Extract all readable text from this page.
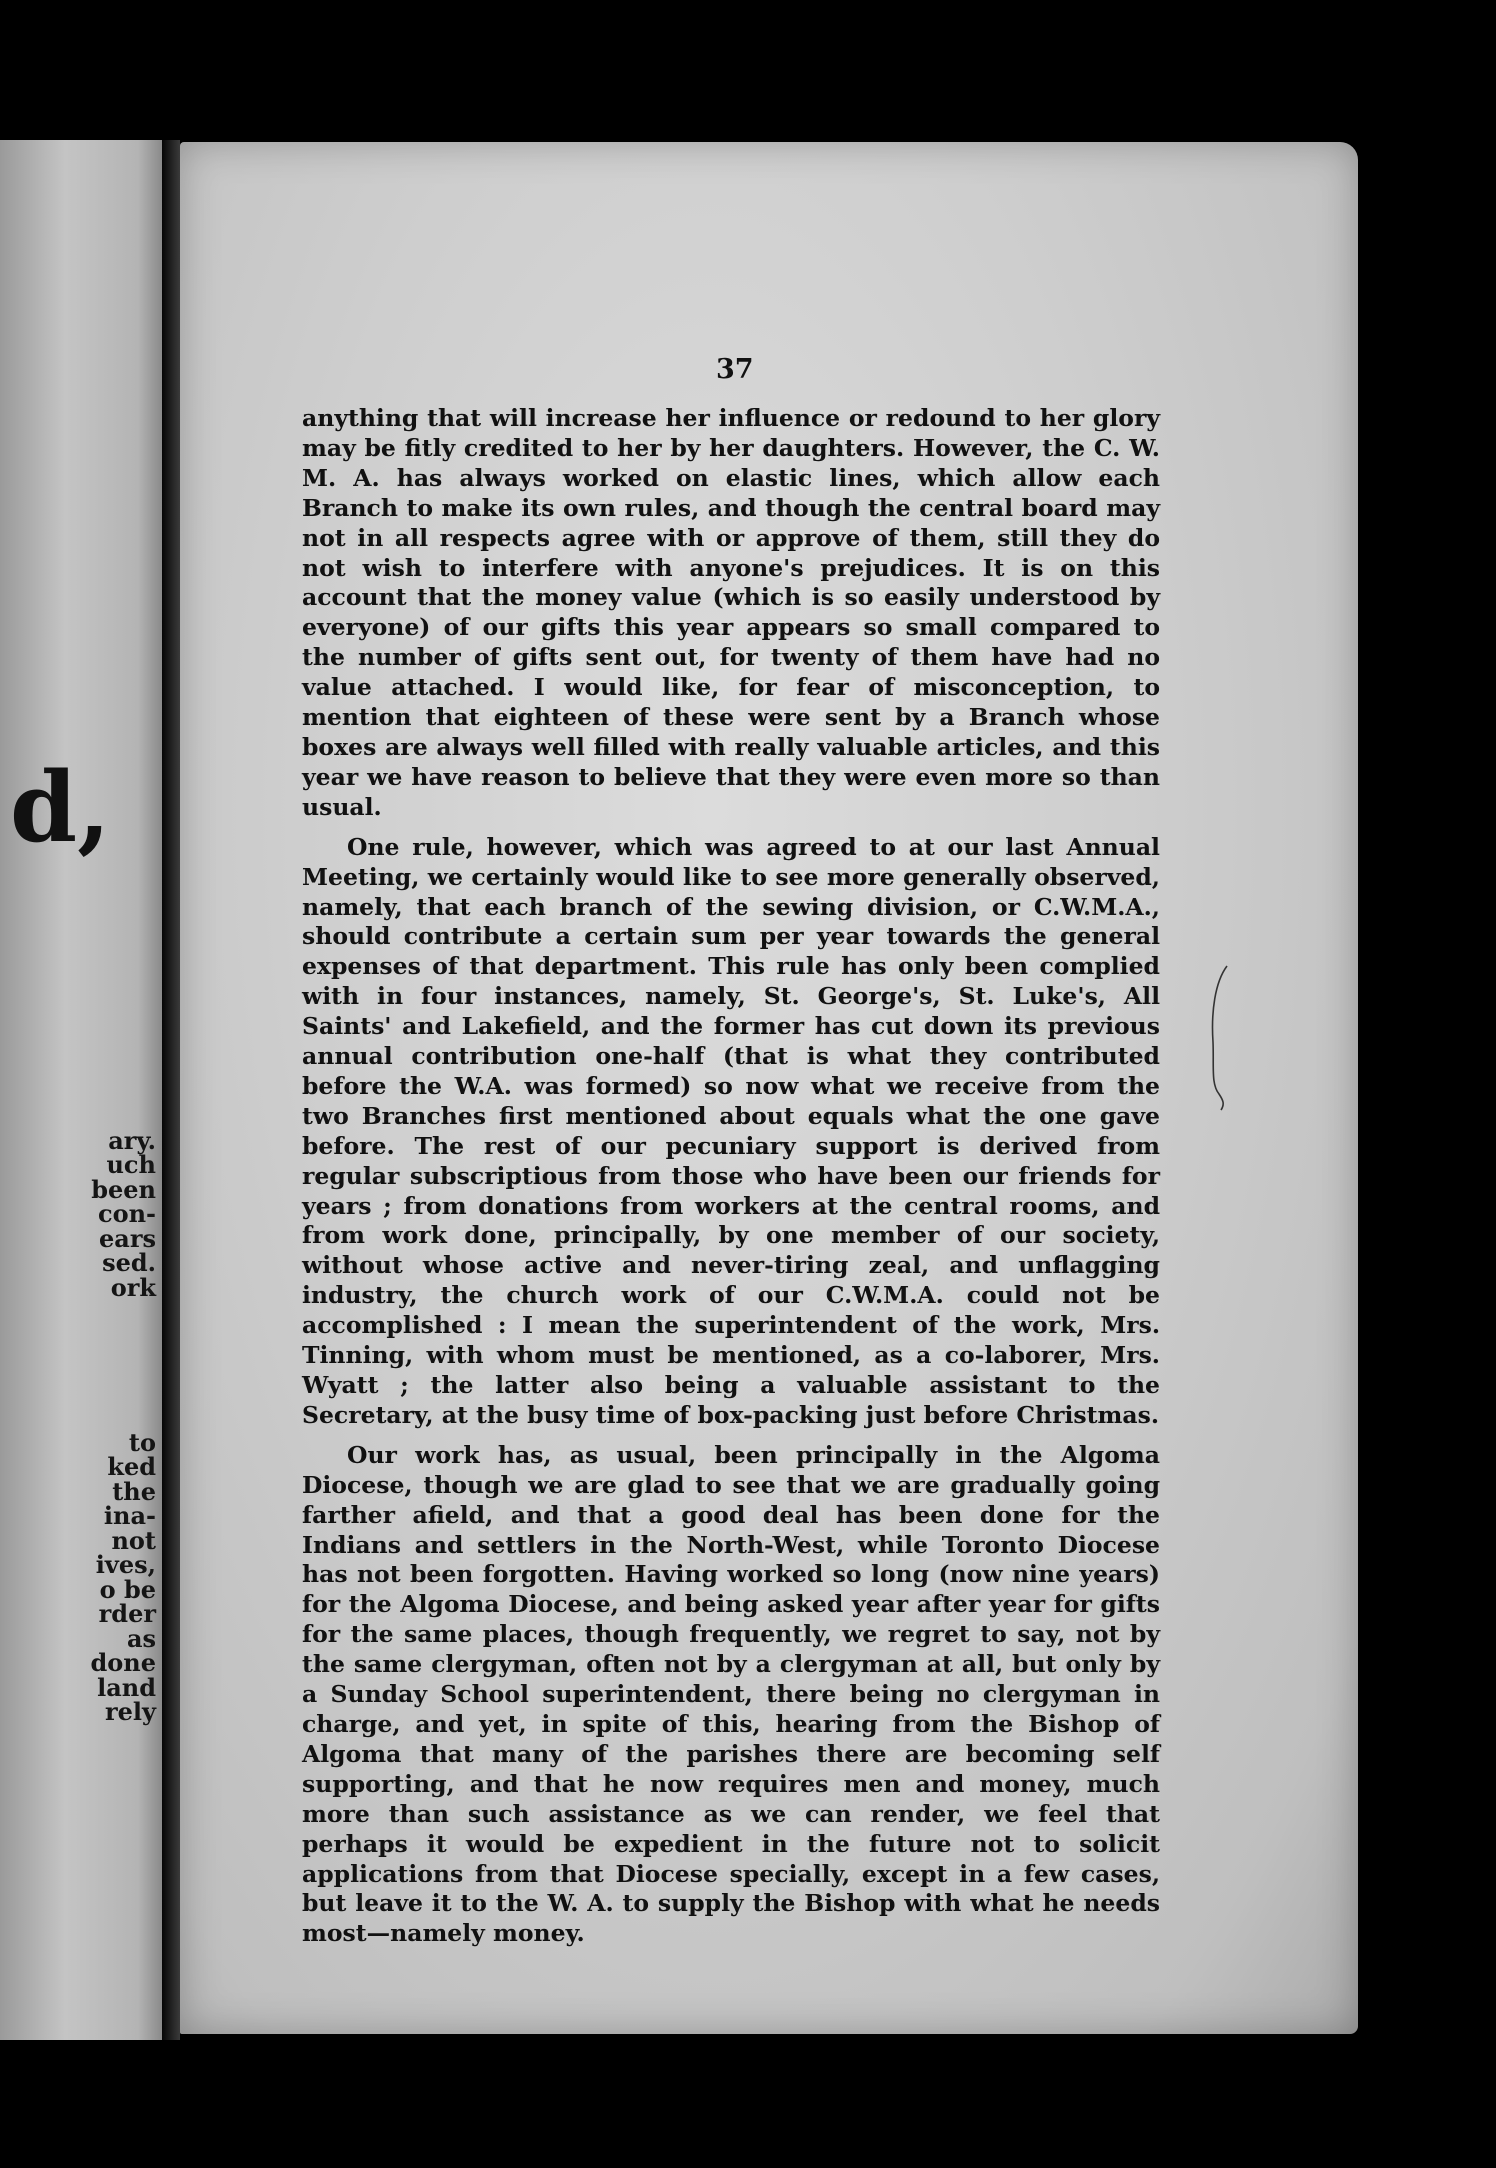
d,
ary.
uch
been
con-
ears
sed.
ork
to
ked
the
ina-
not
ives,
o be
rder
as
done
land
rely
37

anything that will increase her influence or redound to her glory may be fitly credited to her by her daughters. However, the C. W. M. A. has always worked on elastic lines, which allow each Branch to make its own rules, and though the central board may not in all respects agree with or approve of them, still they do not wish to interfere with anyone's prejudices. It is on this account that the money value (which is so easily understood by everyone) of our gifts this year appears so small compared to the number of gifts sent out, for twenty of them have had no value attached. I would like, for fear of misconception, to mention that eighteen of these were sent by a Branch whose boxes are always well filled with really valuable articles, and this year we have reason to believe that they were even more so than usual.

One rule, however, which was agreed to at our last Annual Meeting, we certainly would like to see more generally observed, namely, that each branch of the sewing division, or C.W.M.A., should contribute a certain sum per year towards the general expenses of that department. This rule has only been complied with in four instances, namely, St. George's, St. Luke's, All Saints' and Lakefield, and the former has cut down its previous annual contribution one-half (that is what they contributed before the W.A. was formed) so now what we receive from the two Branches first mentioned about equals what the one gave before. The rest of our pecuniary support is derived from regular subscriptious from those who have been our friends for years ; from donations from workers at the central rooms, and from work done, principally, by one member of our society, without whose active and never-tiring zeal, and unflagging industry, the church work of our C.W.M.A. could not be accomplished : I mean the superintendent of the work, Mrs. Tinning, with whom must be mentioned, as a co-laborer, Mrs. Wyatt ; the latter also being a valuable assistant to the Secretary, at the busy time of box-packing just before Christmas.

Our work has, as usual, been principally in the Algoma Diocese, though we are glad to see that we are gradually going farther afield, and that a good deal has been done for the Indians and settlers in the North-West, while Toronto Diocese has not been forgotten. Having worked so long (now nine years) for the Algoma Diocese, and being asked year after year for gifts for the same places, though frequently, we regret to say, not by the same clergyman, often not by a clergyman at all, but only by a Sunday School superintendent, there being no clergyman in charge, and yet, in spite of this, hearing from the Bishop of Algoma that many of the parishes there are becoming self supporting, and that he now requires men and money, much more than such assistance as we can render, we feel that perhaps it would be expedient in the future not to solicit applications from that Diocese specially, except in a few cases, but leave it to the W. A. to supply the Bishop with what he needs most—namely money.
